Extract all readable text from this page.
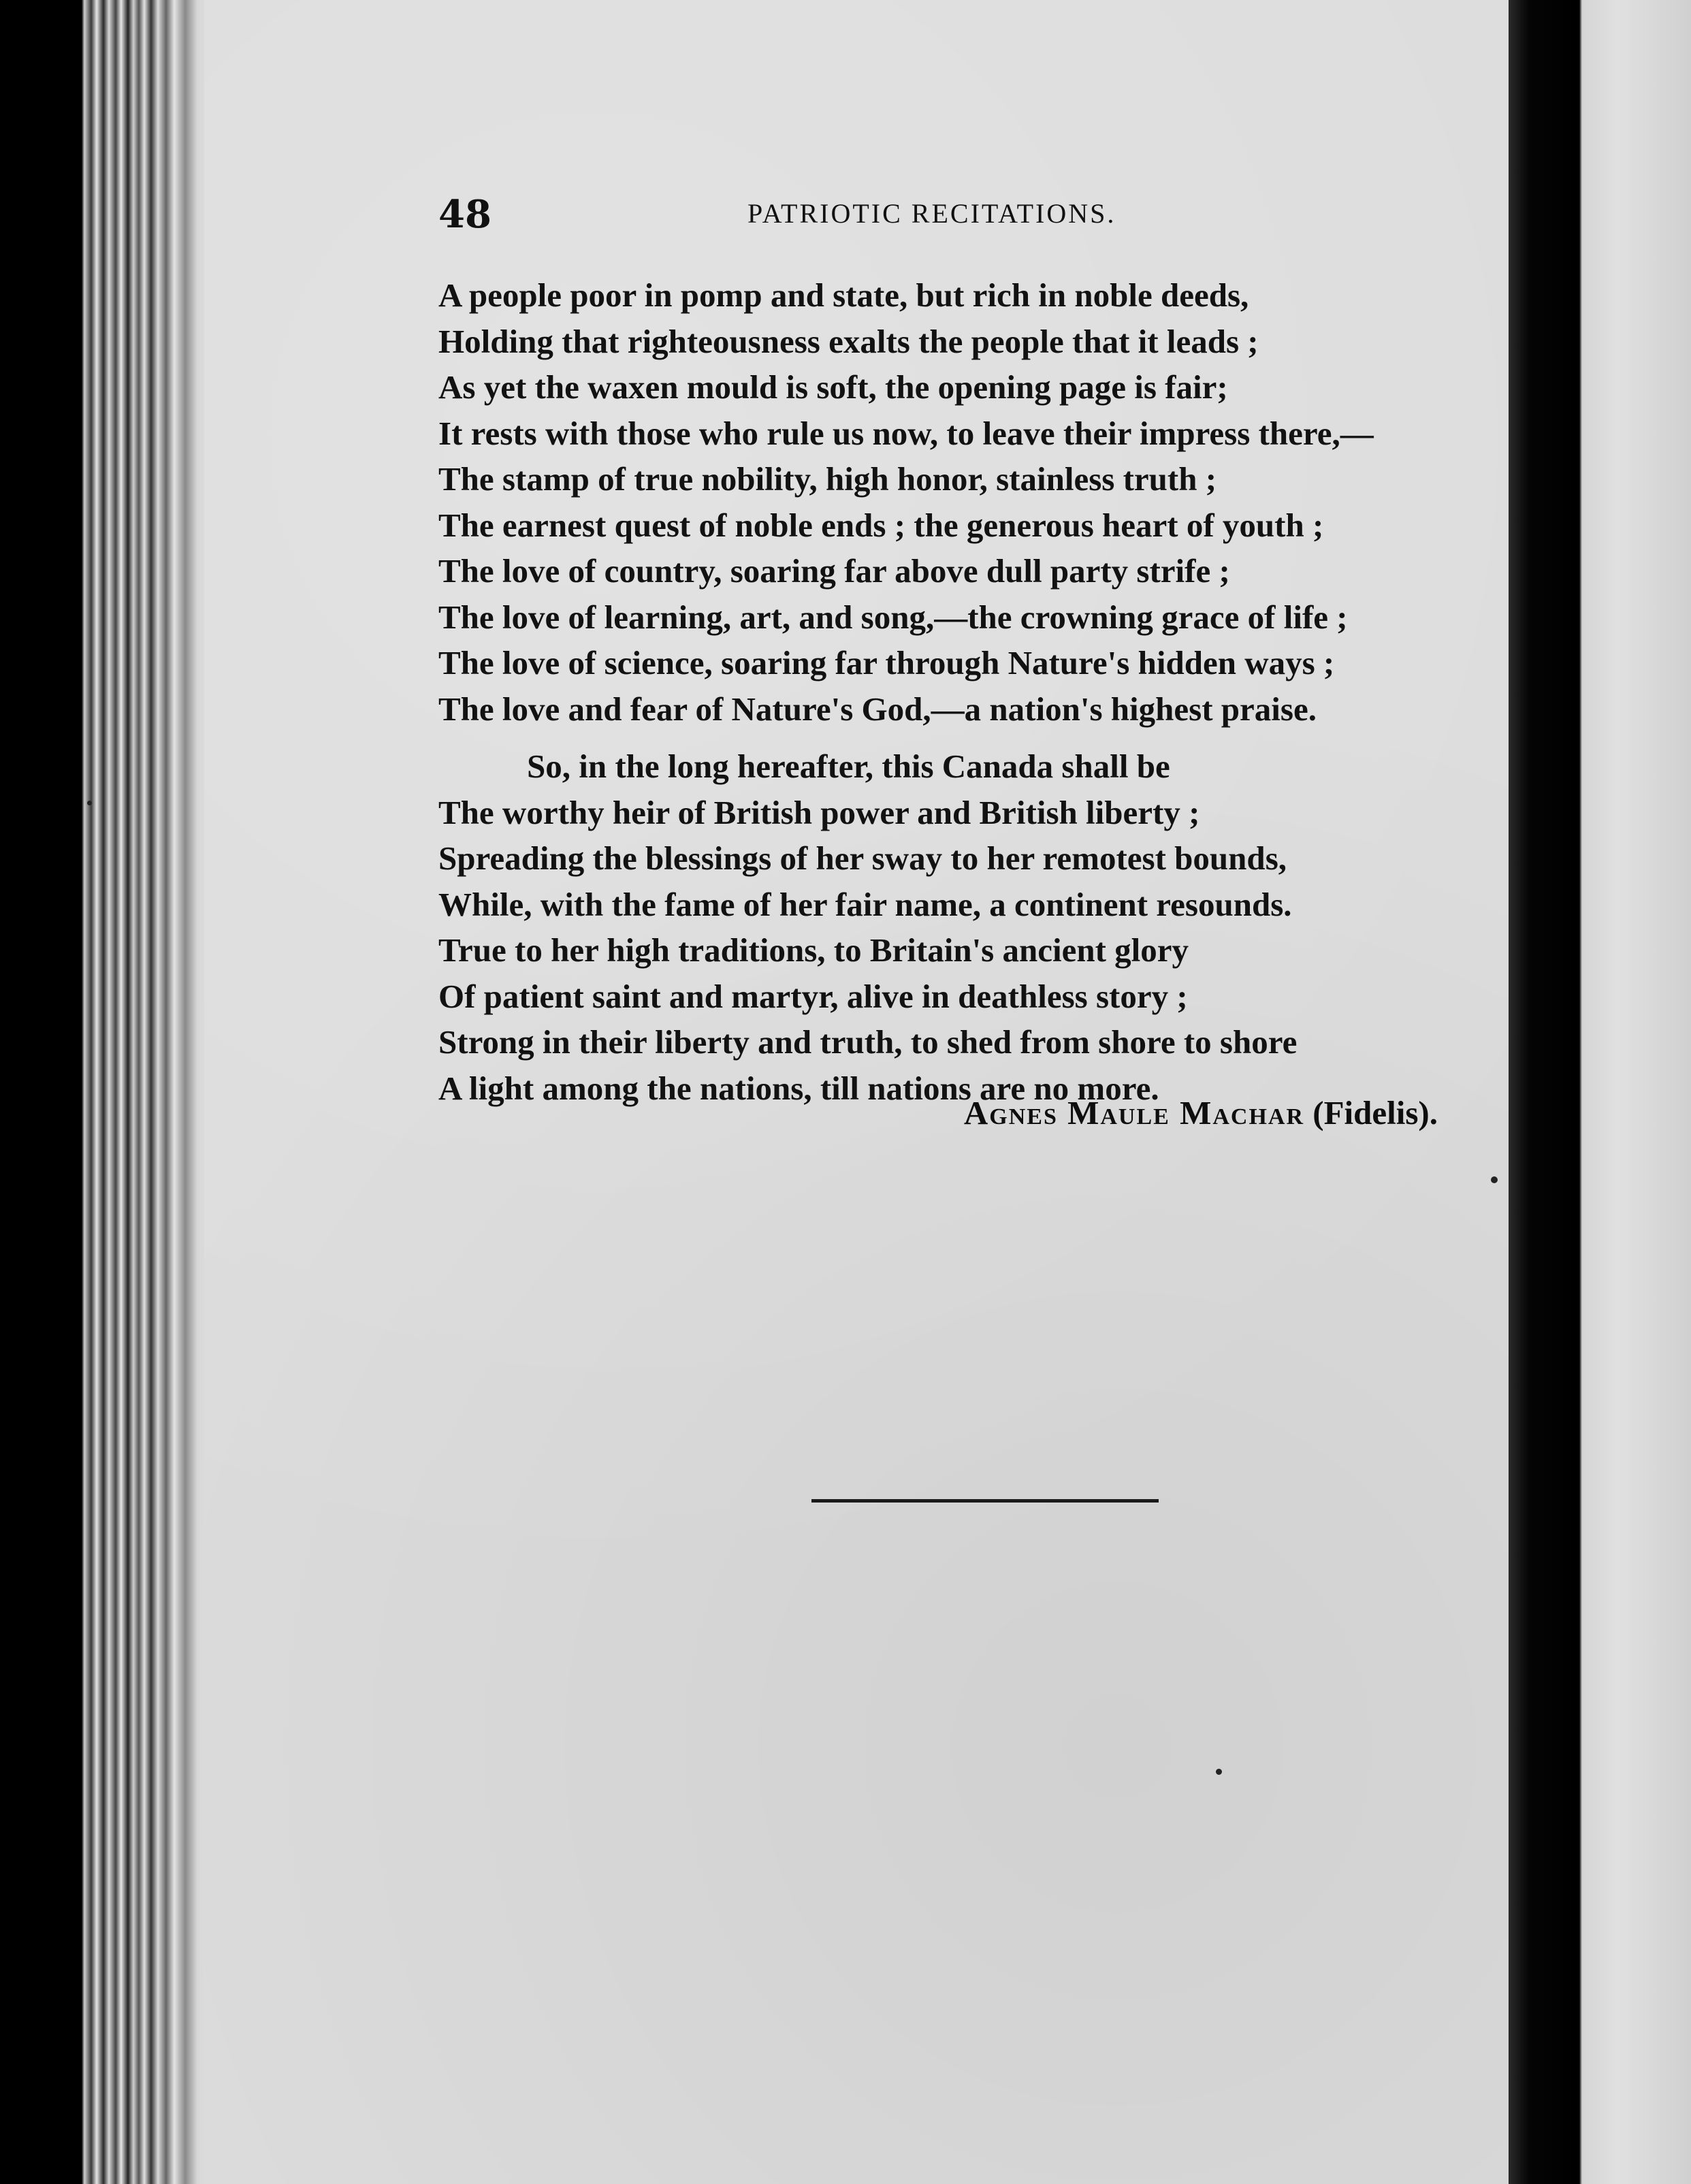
48	PATRIOTIC RECITATIONS.
A people poor in pomp and state, but rich in noble deeds,
Holding that righteousness exalts the people that it leads ;
As yet the waxen mould is soft, the opening page is fair;
It rests with those who rule us now, to leave their impress there,—
The stamp of true nobility, high honor, stainless truth ;
The earnest quest of noble ends ; the generous heart of youth ;
The love of country, soaring far above dull party strife ;
The love of learning, art, and song,—the crowning grace of life ;
The love of science, soaring far through Nature's hidden ways ;
The love and fear of Nature's God,—a nation's highest praise.
So, in the long hereafter, this Canada shall be
The worthy heir of British power and British liberty ;
Spreading the blessings of her sway to her remotest bounds,
While, with the fame of her fair name, a continent resounds.
True to her high traditions, to Britain's ancient glory
Of patient saint and martyr, alive in deathless story ;
Strong in their liberty and truth, to shed from shore to shore
A light among the nations, till nations are no more.
Agnes Maule Machar (Fidelis).
